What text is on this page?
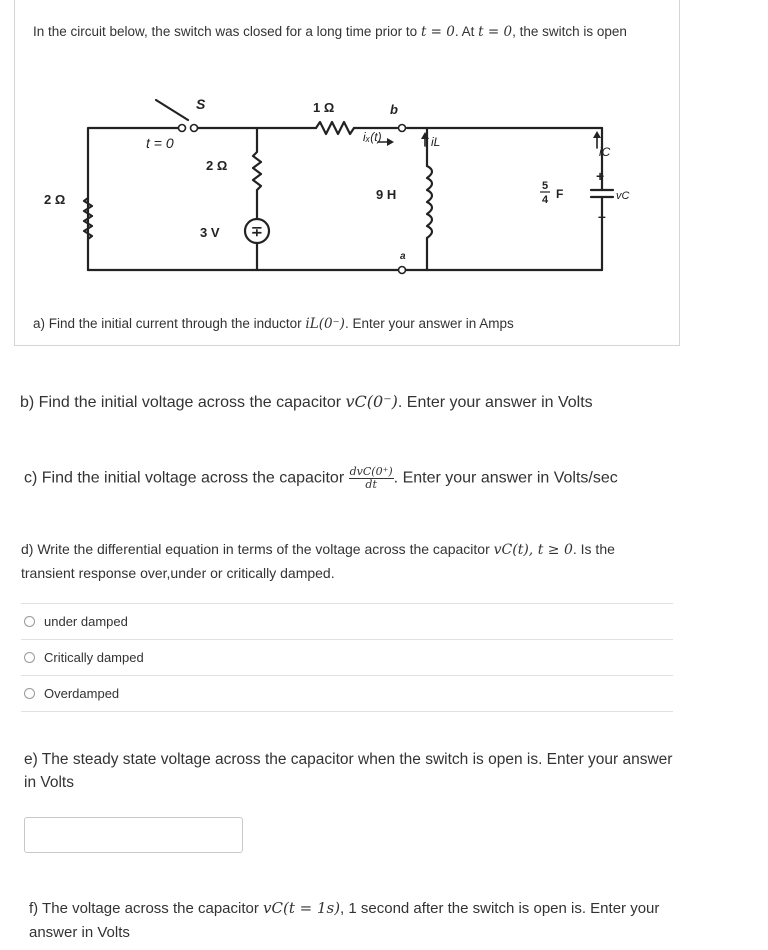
In the circuit below, the switch was closed for a long time prior to t = 0. At t = 0, the switch is open
S
t = 0
2 Ω
2 Ω
1 Ω
3 V ∓
b
a
iₓ(t)	iL
9 H
5
4 F
iC
+
vC
–
a) Find the initial current through the inductor iL(0⁻). Enter your answer in Amps
b) Find the initial voltage across the capacitor vC(0⁻). Enter your answer in Volts
c) Find the initial voltage across the capacitor $\frac{\text{dvC(0⁺)}}{dt}$ . Enter your answer in Volts/sec
d) Write the differential equation in terms of the voltage across the capacitor vC(t), t ≥ 0. Is the transient response over,under or critically damped.
under damped
Critically damped
Overdamped
e) The steady state voltage across the capacitor when the switch is open is. Enter your answer in Volts
f) The voltage across the capacitor vC(t = 1s), 1 second after the switch is open is. Enter your answer in Volts
